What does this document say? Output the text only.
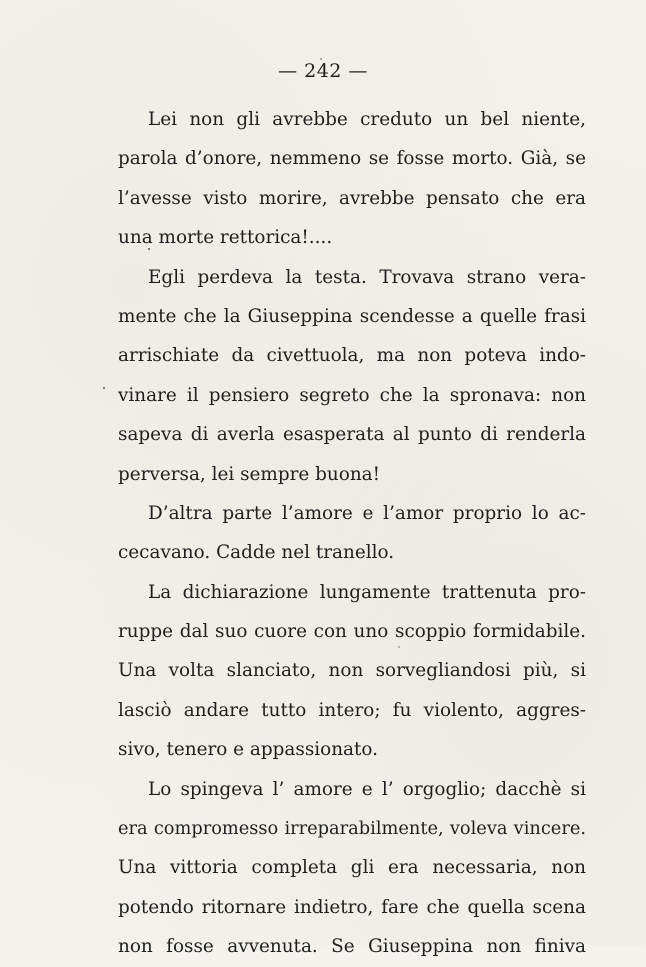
— 242 —
Lei non gli avrebbe creduto un bel niente,
parola d’onore, nemmeno se fosse morto. Già, se
l’avesse visto morire, avrebbe pensato che era
una morte rettorica!....
Egli perdeva la testa. Trovava strano vera-
mente che la Giuseppina scendesse a quelle frasi
arrischiate da civettuola, ma non poteva indo-
vinare il pensiero segreto che la spronava: non
sapeva di averla esasperata al punto di renderla
perversa, lei sempre buona!
D’altra parte l’amore e l’amor proprio lo ac-
cecavano. Cadde nel tranello.
La dichiarazione lungamente trattenuta pro-
ruppe dal suo cuore con uno scoppio formidabile.
Una volta slanciato, non sorvegliandosi più, si
lasciò andare tutto intero; fu violento, aggres-
sivo, tenero e appassionato.
Lo spingeva l’ amore e l’ orgoglio; dacchè si
era compromesso irreparabilmente, voleva vincere.
Una vittoria completa gli era necessaria, non
potendo ritornare indietro, fare che quella scena
non fosse avvenuta. Se Giuseppina non finiva
